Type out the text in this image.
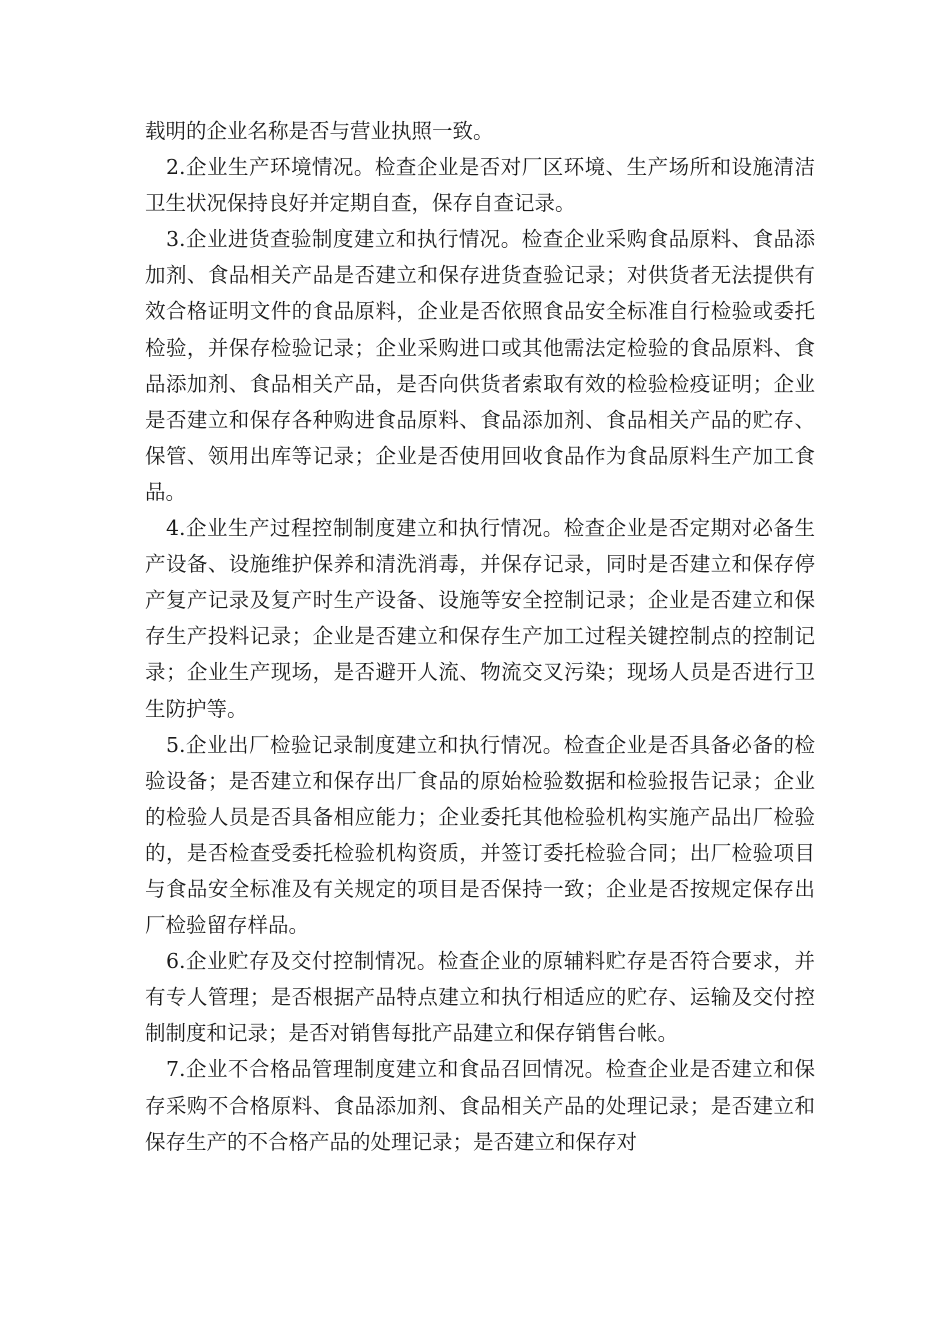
载明的企业名称是否与营业执照一致。

2.企业生产环境情况。检查企业是否对厂区环境、生产场所和设施清洁卫生状况保持良好并定期自查，保存自查记录。

3.企业进货查验制度建立和执行情况。检查企业采购食品原料、食品添加剂、食品相关产品是否建立和保存进货查验记录；对供货者无法提供有效合格证明文件的食品原料，企业是否依照食品安全标准自行检验或委托检验，并保存检验记录；企业采购进口或其他需法定检验的食品原料、食品添加剂、食品相关产品，是否向供货者索取有效的检验检疫证明；企业是否建立和保存各种购进食品原料、食品添加剂、食品相关产品的贮存、保管、领用出库等记录；企业是否使用回收食品作为食品原料生产加工食品。

4.企业生产过程控制制度建立和执行情况。检查企业是否定期对必备生产设备、设施维护保养和清洗消毒，并保存记录，同时是否建立和保存停产复产记录及复产时生产设备、设施等安全控制记录；企业是否建立和保存生产投料记录；企业是否建立和保存生产加工过程关键控制点的控制记录；企业生产现场，是否避开人流、物流交叉污染；现场人员是否进行卫生防护等。

5.企业出厂检验记录制度建立和执行情况。检查企业是否具备必备的检验设备；是否建立和保存出厂食品的原始检验数据和检验报告记录；企业的检验人员是否具备相应能力；企业委托其他检验机构实施产品出厂检验的，是否检查受委托检验机构资质，并签订委托检验合同；出厂检验项目与食品安全标准及有关规定的项目是否保持一致；企业是否按规定保存出厂检验留存样品。

6.企业贮存及交付控制情况。检查企业的原辅料贮存是否符合要求，并有专人管理；是否根据产品特点建立和执行相适应的贮存、运输及交付控制制度和记录；是否对销售每批产品建立和保存销售台帐。

7.企业不合格品管理制度建立和食品召回情况。检查企业是否建立和保存采购不合格原料、食品添加剂、食品相关产品的处理记录；是否建立和保存生产的不合格产品的处理记录；是否建立和保存对
